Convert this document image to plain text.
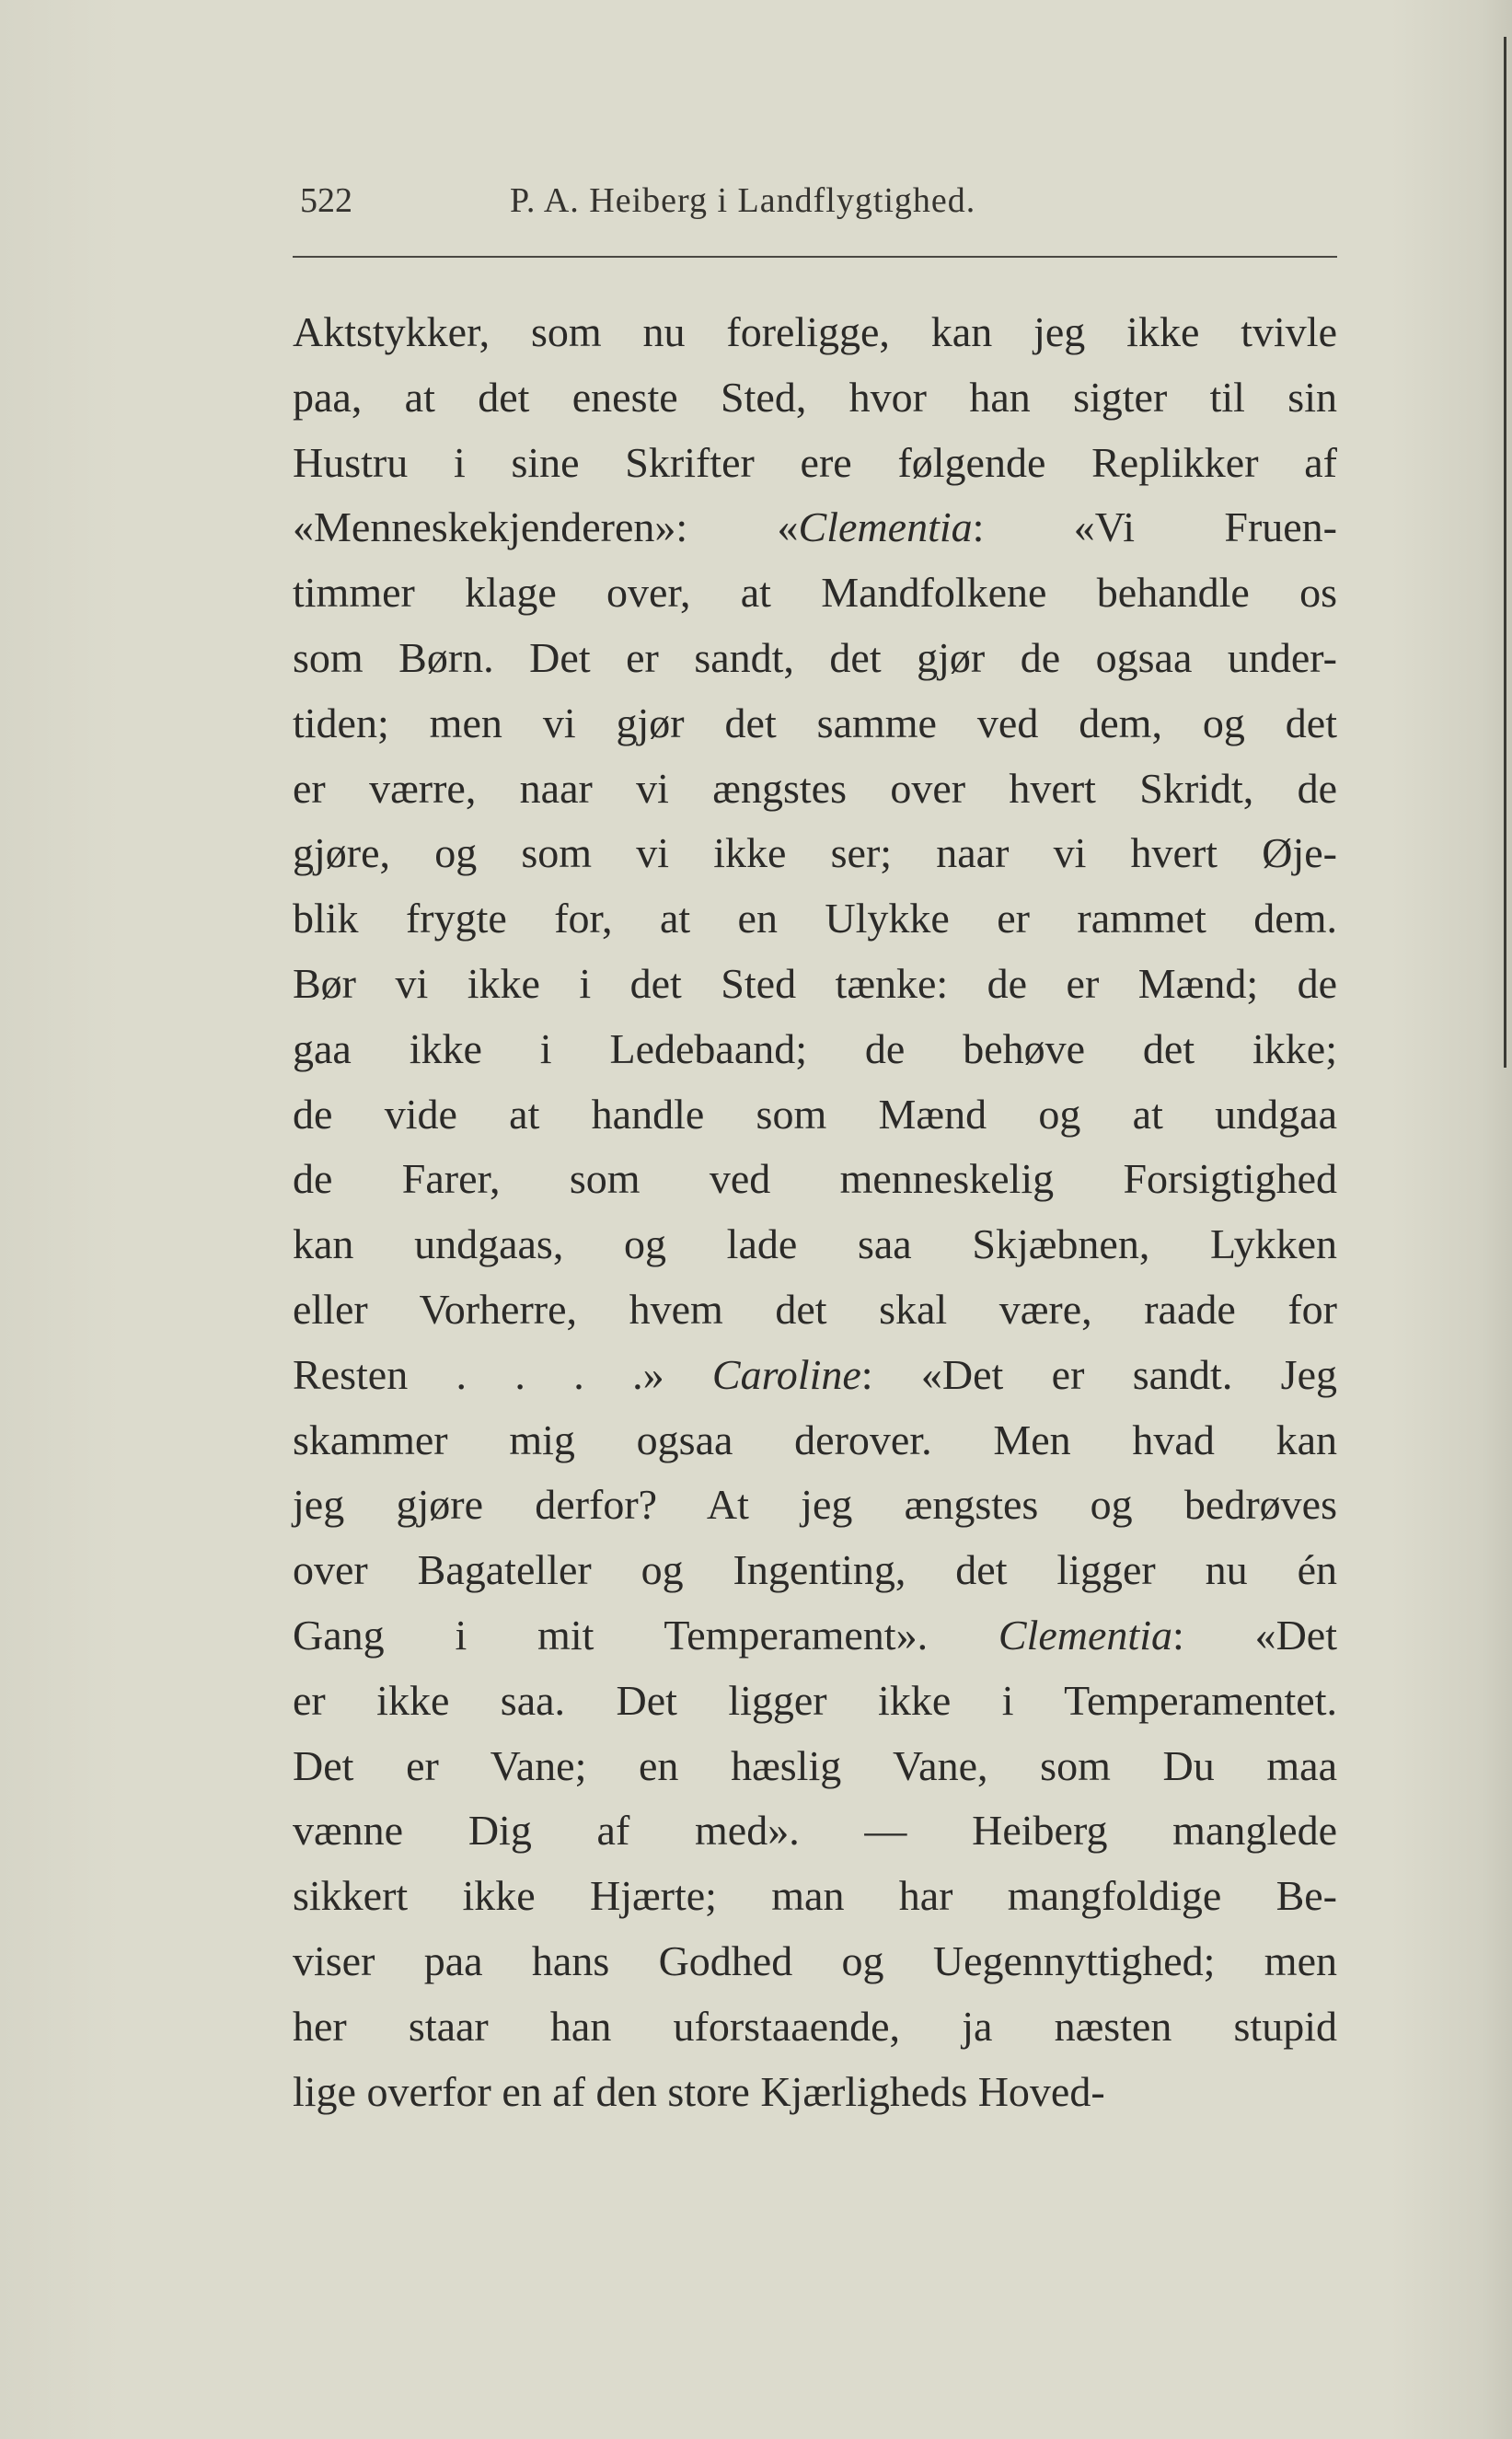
522	P. A. Heiberg i Landflygtighed.
Aktstykker, som nu foreligge, kan jeg ikke tvivle
paa, at det eneste Sted, hvor han sigter til sin
Hustru i sine Skrifter ere følgende Replikker af
«Menneskekjenderen»: «Clementia: «Vi Fruen-
timmer klage over, at Mandfolkene behandle os
som Børn. Det er sandt, det gjør de ogsaa under-
tiden; men vi gjør det samme ved dem, og det
er værre, naar vi ængstes over hvert Skridt, de
gjøre, og som vi ikke ser; naar vi hvert Øje-
blik frygte for, at en Ulykke er rammet dem.
Bør vi ikke i det Sted tænke: de er Mænd; de
gaa ikke i Ledebaand; de behøve det ikke;
de vide at handle som Mænd og at undgaa
de Farer, som ved menneskelig Forsigtighed
kan undgaas, og lade saa Skjæbnen, Lykken
eller Vorherre, hvem det skal være, raade for
Resten . . . .» Caroline: «Det er sandt. Jeg
skammer mig ogsaa derover. Men hvad kan
jeg gjøre derfor? At jeg ængstes og bedrøves
over Bagateller og Ingenting, det ligger nu én
Gang i mit Temperament». Clementia: «Det
er ikke saa. Det ligger ikke i Temperamentet.
Det er Vane; en hæslig Vane, som Du maa
vænne Dig af med». — Heiberg manglede
sikkert ikke Hjærte; man har mangfoldige Be-
viser paa hans Godhed og Uegennyttighed; men
her staar han uforstaaende, ja næsten stupid
lige overfor en af den store Kjærligheds Hoved-
